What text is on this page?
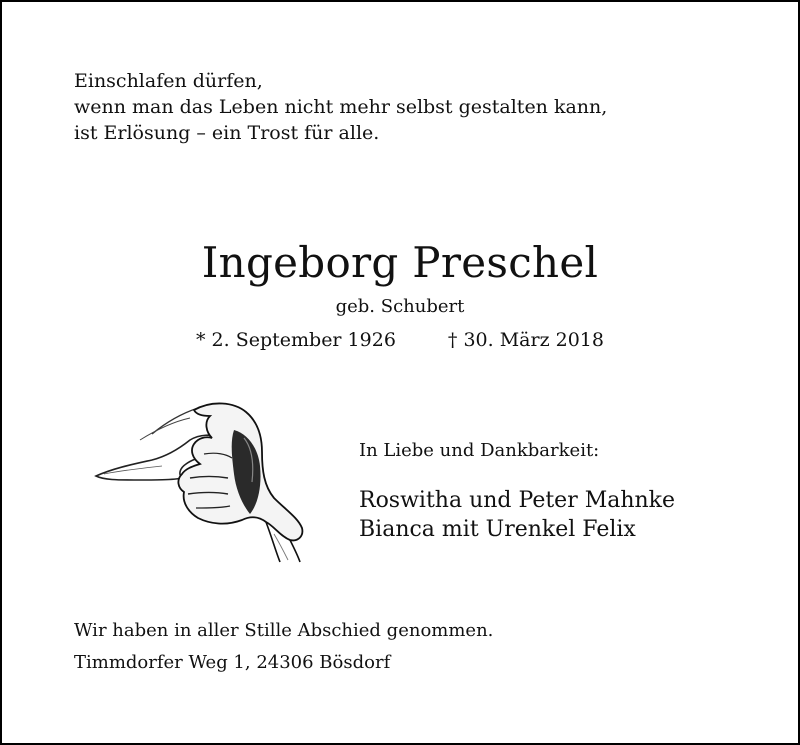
Einschlafen dürfen,
wenn man das Leben nicht mehr selbst gestalten kann,
ist Erlösung – ein Trost für alle.
Ingeborg Preschel
geb. Schubert
* 2. September 1926	† 30. März 2018
In Liebe und Dankbarkeit:
Roswitha und Peter Mahnke
Bianca mit Urenkel Felix
Wir haben in aller Stille Abschied genommen.
Timmdorfer Weg 1, 24306 Bösdorf
